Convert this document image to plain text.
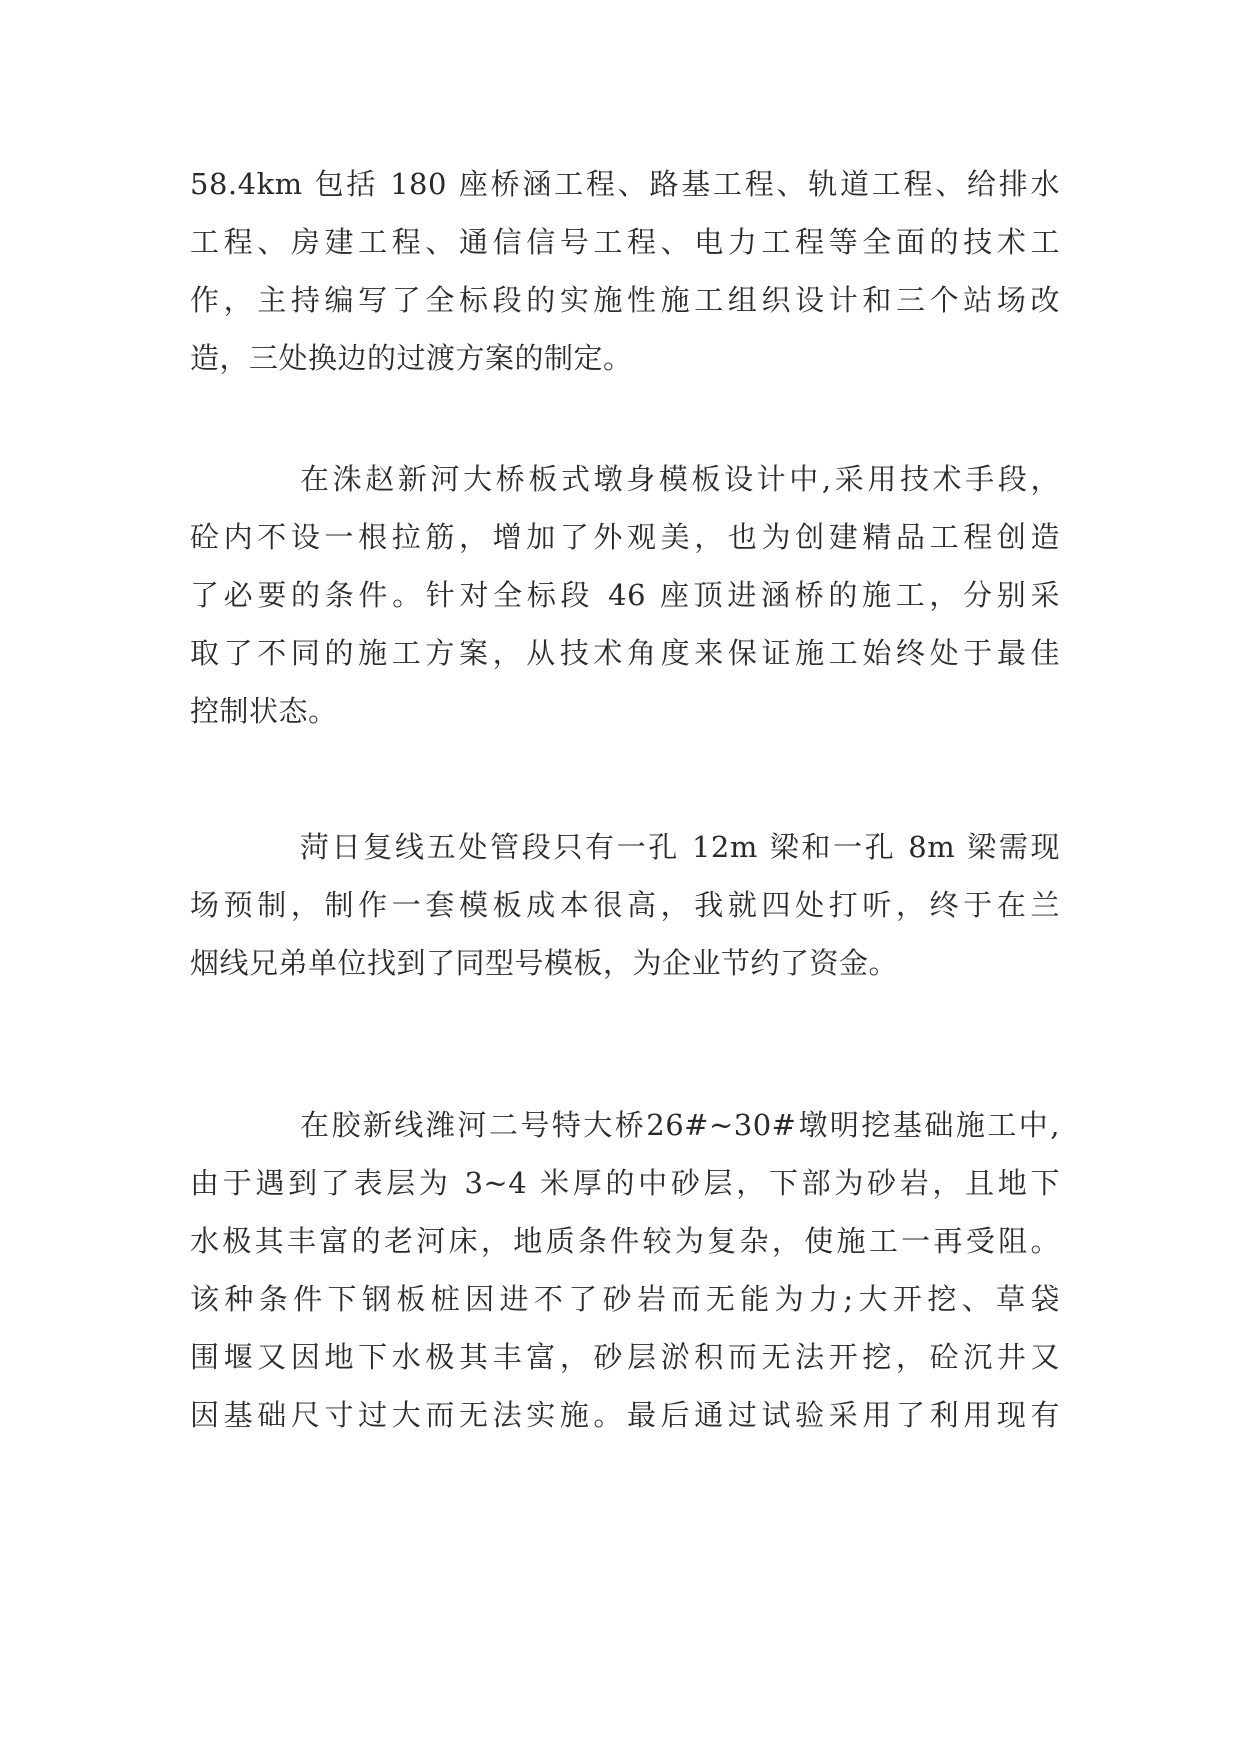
58.4km 包括 180 座桥涵工程、路基工程、轨道工程、给排水
工程、房建工程、通信信号工程、电力工程等全面的技术工
作，主持编写了全标段的实施性施工组织设计和三个站场改
造，三处换边的过渡方案的制定。
在洙赵新河大桥板式墩身模板设计中,采用技术手段，
砼内不设一根拉筋，增加了外观美，也为创建精品工程创造
了必要的条件。针对全标段 46 座顶进涵桥的施工，分别采
取了不同的施工方案，从技术角度来保证施工始终处于最佳
控制状态。
菏日复线五处管段只有一孔 12m 梁和一孔 8m 梁需现
场预制，制作一套模板成本很高，我就四处打听，终于在兰
烟线兄弟单位找到了同型号模板，为企业节约了资金。
在胶新线潍河二号特大桥26#~30#墩明挖基础施工中,
由于遇到了表层为 3~4 米厚的中砂层，下部为砂岩，且地下
水极其丰富的老河床，地质条件较为复杂，使施工一再受阻。
该种条件下钢板桩因进不了砂岩而无能为力;大开挖、草袋
围堰又因地下水极其丰富，砂层淤积而无法开挖，砼沉井又
因基础尺寸过大而无法实施。最后通过试验采用了利用现有
